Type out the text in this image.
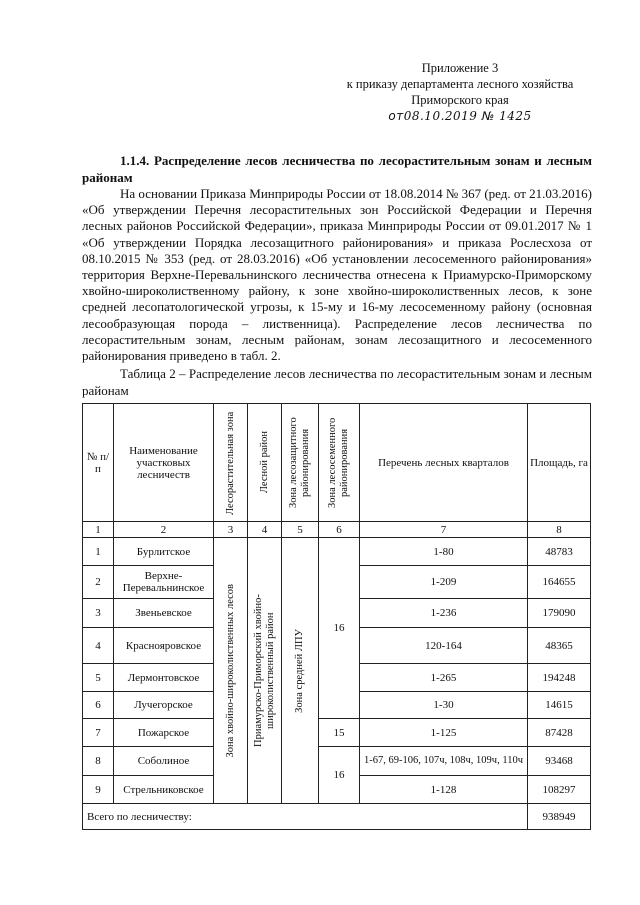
Приложение 3
к приказу департамента лесного хозяйства
Приморского края
от08.10.2019 № 1425
1.1.4. Распределение лесов лесничества по лесорастительным зонам и лесным районам
На основании Приказа Минприроды России от 18.08.2014 № 367 (ред. от 21.03.2016) «Об утверждении Перечня лесорастительных зон Российской Федерации и Перечня лесных районов Российской Федерации», приказа Минприроды России от 09.01.2017 № 1 «Об утверждении Порядка лесозащитного районирования» и приказа Рослесхоза от 08.10.2015 № 353 (ред. от 28.03.2016) «Об установлении лесосеменного районирования» территория Верхне-Перевальнинского лесничества отнесена к Приамурско-Приморскому хвойно-широколиственному району, к зоне хвойно-широколиственных лесов, к зоне средней лесопатологической угрозы, к 15-му и 16-му лесосеменному району (основная лесообразующая порода – лиственница). Распределение лесов лесничества по лесорастительным зонам, лесным районам, зонам лесозащитного и лесосеменного районирования приведено в табл. 2.
Таблица 2 – Распределение лесов лесничества по лесорастительным зонам и лесным районам
№ п/п	Наименование участковых лесничеств	Лесорастительная зона	Лесной район	Зона лесозащитного районирования	Зона лесосеменного районирования	Перечень лесных кварталов	Площадь, га
1	2	3	4	5	6	7	8
1	Бурлитское	Зона хвойно-широколиственных лесов	Приамурско-Приморский хвойно-широколиственный район	Зона средней ЛПУ	16	1-80	48783
2	Верхне-Перевальнинское					1-209	164655
3	Звеньевское					1-236	179090
4	Краснояровское					120-164	48365
5	Лермонтовское					1-265	194248
6	Лучегорское					1-30	14615
7	Пожарское				15	1-125	87428
8	Соболиное				16	1-67, 69-106, 107ч, 108ч, 109ч, 110ч	93468
9	Стрельниковское					1-128	108297
Всего по лесничеству:							938949
